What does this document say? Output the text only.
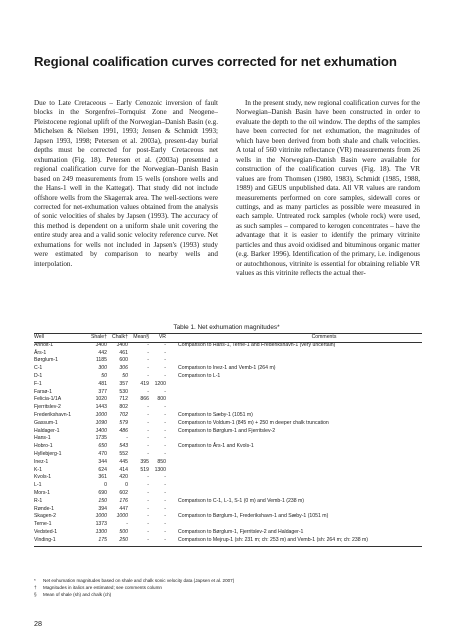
Regional coalification curves corrected for net exhumation

Due to Late Cretaceous – Early Cenozoic inversion of fault blocks in the Sorgenfrei–Tornquist Zone and Neogene–Pleistocene regional uplift of the Norwegian–Danish Basin (e.g. Michelsen & Nielsen 1991, 1993; Jensen & Schmidt 1993; Japsen 1993, 1998; Petersen et al. 2003a), present-day burial depths must be corrected for post-Early Cretaceous net exhumation (Fig. 18). Petersen et al. (2003a) presented a regional coalification curve for the Norwegian–Danish Basin based on 249 measurements from 15 wells (onshore wells and the Hans-1 well in the Kattegat). That study did not include offshore wells from the Skagerrak area. The well-sections were corrected for net-exhumation values obtained from the analysis of sonic velocities of shales by Japsen (1993). The accuracy of this method is dependent on a uniform shale unit covering the entire study area and a valid sonic velocity reference curve. Net exhumations for wells not included in Japsen's (1993) study were estimated by comparison to nearby wells and interpolation.

In the present study, new regional coalification curves for the Norwegian–Danish Basin have been constructed in order to evaluate the depth to the oil window. The depths of the samples have been corrected for net exhumation, the magnitudes of which have been derived from both shale and chalk velocities. A total of 560 vitrinite reflectance (VR) measurements from 26 wells in the Norwegian–Danish Basin were available for construction of the coalification curves (Fig. 18). The VR values are from Thomsen (1980, 1983), Schmidt (1985, 1988, 1989) and GEUS unpublished data. All VR values are random measurements performed on core samples, sidewall cores or cuttings, and as many particles as possible were measured in each sample. Untreated rock samples (whole rock) were used, as such samples – compared to kerogen concentrates – have the advantage that it is easier to identify the primary vitrinite particles and thus avoid oxidised and bituminous organic matter (e.g. Barker 1996). Identification of the primary, i.e. indigenous or autochthonous, vitrinite is essential for obtaining reliable VR values as this vitrinite reflects the actual ther-

Table 1. Net exhumation magnitudes*
Well	Shale†	Chalk†	Mean§	VR	Comments
Anholt-1	1400	1400	-	-	Comparison to Hans-1, Terne-1 and Frederikshavn-1 (very uncertain)
Års-1	442	461	-	-	
Børglum-1	1185	600	-	-	
C-1	300	306	-	-	Comparison to Inez-1 and Vemb-1 (264 m)
D-1	50	50	-	-	Comparison to L-1
F-1	481	357	419	1200	
Farsø-1	377	530	-	-	
Felicia-1/1A	1020	712	866	800	
Fjerritslev-2	1443	802	-	-	
Frederikshavn-1	1000	702	-	-	Comparison to Sæby-1 (1051 m)
Gassum-1	1090	579	-	-	Comparison to Voldum-1 (845 m) + 250 m deeper chalk truncation
Haldager-1	1400	486	-	-	Comparison to Børglum-1 and Fjerritslev-2
Hans-1	1735	-	-	-	
Hobro-1	650	543	-	-	Comparison to Års-1 and Kvols-1
Hyllebjerg-1	470	552	-	-	
Inez-1	344	445	395	850	
K-1	624	414	519	1300	
Kvols-1	361	420	-	-	
L-1	0	0	-	-	
Mors-1	690	602	-	-	
R-1	150	176	-	-	Comparison to C-1, L-1, S-1 (0 m) and Vemb-1 (238 m)
Rønde-1	394	447	-	-	
Skagen-2	1000	1000	-	-	Comparison to Børglum-1, Frederikshavn-1 and Sæby-1 (1051 m)
Terne-1	1373	-	-	-	
Vedsted-1	1300	500	-	-	Comparison to Børglum-1, Fjerritslev-2 and Haldager-1
Vinding-1	175	250	-	-	Comparison to Mejrup-1 (sh: 231 m; ch: 253 m) and Vemb-1 (sh: 264 m; ch: 238 m)
* Net exhumation magnitudes based on shale and chalk sonic velocity data (Japsen et al. 2007)
† Magnitudes in italics are estimated; see comments column
§ Mean of shale (sh) and chalk (ch)
28
